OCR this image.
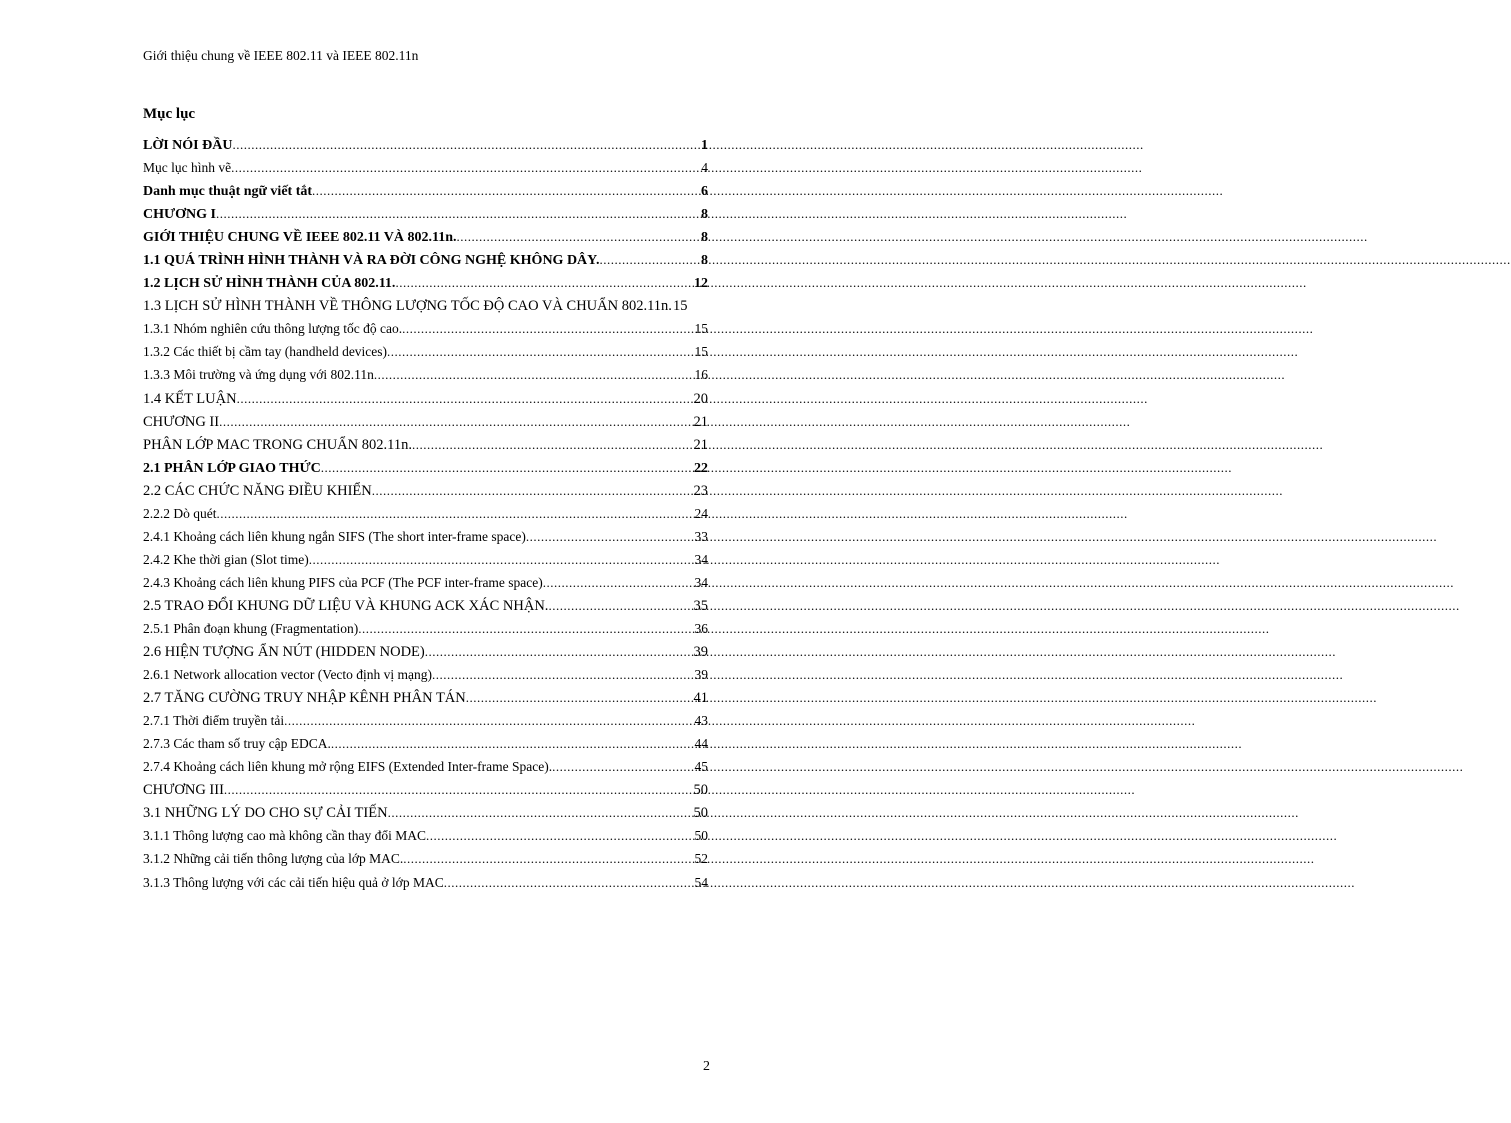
Giới thiệu chung về IEEE 802.11 và IEEE 802.11n

Mục lục

LỜI NÓI ĐẦU .....	1
Mục lục hình vẽ .....	4
Danh mục thuật ngữ viết tắt .....	6
CHƯƠNG I .....	8
GIỚI THIỆU CHUNG VỀ IEEE 802.11 VÀ 802.11n. .....	8
1.1 QUÁ TRÌNH HÌNH THÀNH VÀ RA ĐỜI CÔNG NGHỆ KHÔNG DÂY. .....	8
1.2 LỊCH SỬ HÌNH THÀNH CỦA 802.11. .....	12
1.3 LỊCH SỬ HÌNH THÀNH VỀ THÔNG LƯỢNG TỐC ĐỘ CAO VÀ CHUẨN 802.11n. 15
1.3.1 Nhóm nghiên cứu thông lượng tốc độ cao. .....	15
1.3.2 Các thiết bị cầm tay (handheld devices) .....	15
1.3.3 Môi trường và ứng dụng với 802.11n .....	16
1.4 KẾT LUẬN .....	20
CHƯƠNG II .....	21
PHÂN LỚP MAC TRONG CHUẨN 802.11n. .....	21
2.1 PHÂN LỚP GIAO THỨC .....	22
2.2 CÁC CHỨC NĂNG ĐIỀU KHIỂN .....	23
2.2.2 Dò quét .....	24
2.4.1 Khoảng cách liên khung ngắn SIFS (The short inter-frame space) .....	33
2.4.2 Khe thời gian (Slot time) .....	34
2.4.3 Khoảng cách liên khung PIFS của PCF (The PCF inter-frame space) .....	34
2.5 TRAO ĐỔI KHUNG DỮ LIỆU VÀ KHUNG ACK XÁC NHẬN. .....	35
2.5.1 Phân đoạn khung (Fragmentation) .....	36
2.6 HIỆN TƯỢNG ẨN NÚT (HIDDEN NODE) .....	39
2.6.1 Network allocation vector (Vecto định vị mạng) .....	39
2.7 TĂNG CƯỜNG TRUY NHẬP KÊNH PHÂN TÁN .....	41
2.7.1 Thời điểm truyền tải .....	43
2.7.3 Các tham số truy cập EDCA. .....	44
2.7.4 Khoảng cách liên khung mở rộng EIFS (Extended Inter-frame Space). .....	45
CHƯƠNG III .....	50
3.1 NHỮNG LÝ DO CHO SỰ CẢI TIẾN .....	50
3.1.1 Thông lượng cao mà không cần thay đổi MAC .....	50
3.1.2 Những cải tiến thông lượng của lớp MAC. .....	52
3.1.3 Thông lượng với các cải tiến hiệu quả ở lớp MAC .....	54

2
